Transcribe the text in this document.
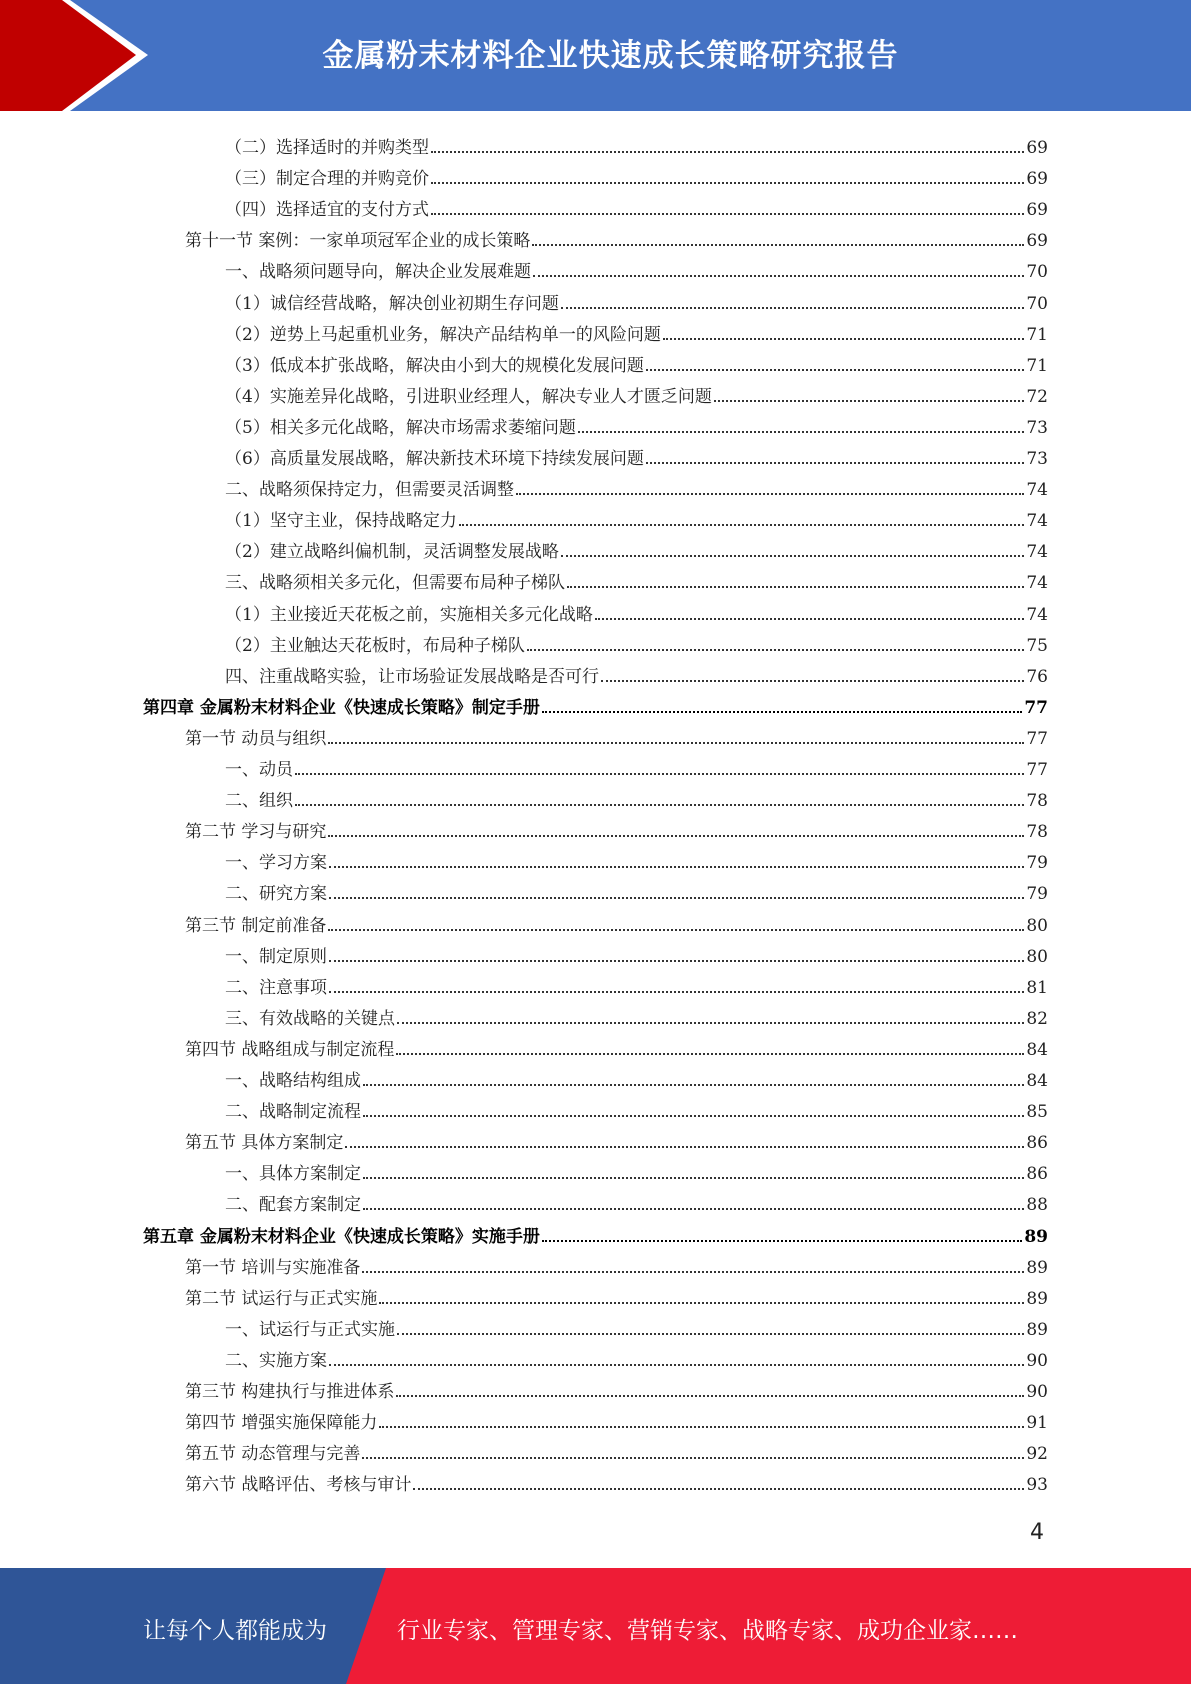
金属粉末材料企业快速成长策略研究报告
（二）选择适时的并购类型	69
（三）制定合理的并购竞价	69
（四）选择适宜的支付方式	69
第十一节 案例：一家单项冠军企业的成长策略	69
一、战略须问题导向，解决企业发展难题	70
（1）诚信经营战略，解决创业初期生存问题	70
（2）逆势上马起重机业务，解决产品结构单一的风险问题	71
（3）低成本扩张战略，解决由小到大的规模化发展问题	71
（4）实施差异化战略，引进职业经理人，解决专业人才匮乏问题	72
（5）相关多元化战略，解决市场需求萎缩问题	73
（6）高质量发展战略，解决新技术环境下持续发展问题	73
二、战略须保持定力，但需要灵活调整	74
（1）坚守主业，保持战略定力	74
（2）建立战略纠偏机制，灵活调整发展战略	74
三、战略须相关多元化，但需要布局种子梯队	74
（1）主业接近天花板之前，实施相关多元化战略	74
（2）主业触达天花板时，布局种子梯队	75
四、注重战略实验，让市场验证发展战略是否可行	76
第四章 金属粉末材料企业《快速成长策略》制定手册	77
第一节 动员与组织	77
一、动员	77
二、组织	78
第二节 学习与研究	78
一、学习方案	79
二、研究方案	79
第三节 制定前准备	80
一、制定原则	80
二、注意事项	81
三、有效战略的关键点	82
第四节 战略组成与制定流程	84
一、战略结构组成	84
二、战略制定流程	85
第五节 具体方案制定	86
一、具体方案制定	86
二、配套方案制定	88
第五章 金属粉末材料企业《快速成长策略》实施手册	89
第一节 培训与实施准备	89
第二节 试运行与正式实施	89
一、试运行与正式实施	89
二、实施方案	90
第三节 构建执行与推进体系	90
第四节 增强实施保障能力	91
第五节 动态管理与完善	92
第六节 战略评估、考核与审计	93
4
让每个人都能成为	行业专家、管理专家、营销专家、战略专家、成功企业家……
